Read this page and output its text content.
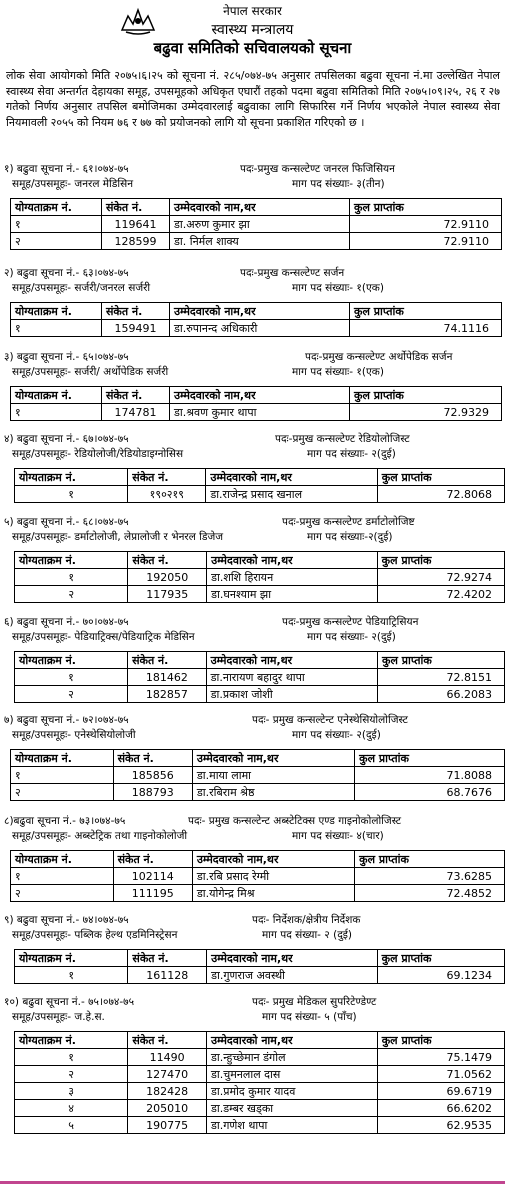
नेपाल सरकार
स्वास्थ्य मन्त्रालय
बढुवा समितिको सचिवालयको सूचना
लोक सेवा आयोगको मिति २०७५।६।२५ को सूचना नं. २८५/०७४-७५ अनुसार तपसिलका बढुवा सूचना नं.मा उल्लेखित नेपाल स्वास्थ्य सेवा अन्तर्गत देहायका समूह, उपसमूहको अधिकृत एघारौं तहको पदमा बढुवा समितिको मिति २०७५।०९।२५, २६ र २७ गतेको निर्णय अनुसार तपसिल बमोजिमका उम्मेदवारलाई बढुवाका लागि सिफारिस गर्ने निर्णय भएकोले नेपाल स्वास्थ्य सेवा नियमावली २०५५ को नियम ७६ र ७७ को प्रयोजनको लागि यो सूचना प्रकाशित गरिएको छ ।
१) बढुवा सूचना नं.- ६१।०७४-७५	पदः-प्रमुख कन्सल्टेण्ट जनरल फिजिसियन
समूह/उपसमूहः- जनरल मेडिसिन	माग पद संख्याः- ३(तीन)
योग्यताक्रम नं.	संकेत नं.	उम्मेदवारको नाम,थर	कुल प्राप्तांक
१	119641	डा.अरुण कुमार झा	72.9110
२	128599	डा. निर्मल शाक्य	72.9110
२) बढुवा सूचना नं.- ६३।०७४-७५	पदः-प्रमुख कन्सल्टेण्ट सर्जन
समूह/उपसमूहः- सर्जरी/जनरल सर्जरी	माग पद संख्याः- १(एक)
योग्यताक्रम नं.	संकेत नं.	उम्मेदवारको नाम,थर	कुल प्राप्तांक
१	159491	डा.रुपानन्द अधिकारी	74.1116
३) बढुवा सूचना नं.- ६५।०७४-७५	पदः-प्रमुख कन्सल्टेण्ट अर्थोपेडिक सर्जन
समूह/उपसमूहः- सर्जरी/ अर्थोपेडिक सर्जरी	माग पद संख्याः- १(एक)
योग्यताक्रम नं.	संकेत नं.	उम्मेदवारको नाम,थर	कुल प्राप्तांक
१	174781	डा.श्रवण कुमार थापा	72.9329
४) बढुवा सूचना नं.- ६७।०७४-७५	पदः-प्रमुख कन्सल्टेण्ट रेडियोलोजिस्ट
समूह/उपसमूहः- रेडियोलोजी/रेडियोडाइग्नोसिस	माग पद संख्याः- २(दुई)
योग्यताक्रम नं.	संकेत नं.	उम्मेदवारको नाम,थर	कुल प्राप्तांक
१	१९०२१९	डा.राजेन्द्र प्रसाद खनाल	72.8068
५) बढुवा सूचना नं.- ६८।०७४-७५	पदः-प्रमुख कन्सल्टेण्ट डर्माटोलोजिष्ट
समूह/उपसमूहः- डर्माटोलोजी, लेप्रालोजी र भेनरल डिजेज	माग पद संख्याः-२(दुई)
योग्यताक्रम नं.	संकेत नं.	उम्मेदवारको नाम,थर	कुल प्राप्तांक
१	192050	डा.शशि हिरायन	72.9274
२	117935	डा.घनश्याम झा	72.4202
६) बढुवा सूचना नं.- ७०।०७४-७५	पदः-प्रमुख कन्सल्टेण्ट पेडियाट्रिसियन
समूह/उपसमूहः- पेडियाट्रिक्स/पेडियाट्रिक मेडिसिन	माग पद संख्याः- २(दुई)
योग्यताक्रम नं.	संकेत नं.	उम्मेदवारको नाम,थर	कुल प्राप्तांक
१	181462	डा.नारायण बहादुर थापा	72.8151
२	182857	डा.प्रकाश जोशी	66.2083
७) बढुवा सूचना नं.- ७२।०७४-७५	पदः- प्रमुख कन्सल्टेन्ट एनेस्थेसियोलोजिस्ट
समूह/उपसमूहः- एनेस्थेसियोलोजी	माग पद संख्याः- २(दुई)
योग्यताक्रम नं.	संकेत नं.	उम्मेदवारको नाम,थर	कुल प्राप्तांक
१	185856	डा.माया लामा	71.8088
२	188793	डा.रबिराम श्रेष्ठ	68.7676
८)बढुवा सूचना नं.- ७३।०७४-७५	पदः- प्रमुख कन्सल्टेन्ट अब्स्टेटिक्स एण्ड गाइनोकोलोजिस्ट
समूह/उपसमूहः- अब्स्टेट्रिक तथा गाइनोकोलोजी	माग पद संख्याः- ४(चार)
योग्यताक्रम नं.	संकेत नं.	उम्मेदवारको नाम,थर	कुल प्राप्तांक
१	102114	डा.रबि प्रसाद रेग्मी	73.6285
२	111195	डा.योगेन्द्र मिश्र	72.4852
९) बढुवा सूचना नं.- ७४।०७४-७५	पदः- निर्देशक/क्षेत्रीय निर्देशक
समूह/उपसमूहः- पब्लिक हेल्थ एडमिनिस्ट्रेसन	माग पद संख्या- २ (दुई)
योग्यताक्रम नं.	संकेत नं.	उम्मेदवारको नाम,थर	कुल प्राप्तांक
१	161128	डा.गुणराज अवस्थी	69.1234
१०) बढुवा सूचना नं.- ७५।०७४-७५	पदः- प्रमुख मेडिकल सुपरिटेण्डेण्ट
समूह/उपसमूहः- ज.हे.स.	माग पद संख्या- ५ (पाँच)
योग्यताक्रम नं.	संकेत नं.	उम्मेदवारको नाम,थर	कुल प्राप्तांक
१	11490	डा.न्हुच्छेमान डंगोल	75.1479
२	127470	डा.चुमनलाल दास	71.0562
३	182428	डा.प्रमोद कुमार यादव	69.6719
४	205010	डा.डम्बर खड्का	66.6202
५	190775	डा.गणेश थापा	62.9535
